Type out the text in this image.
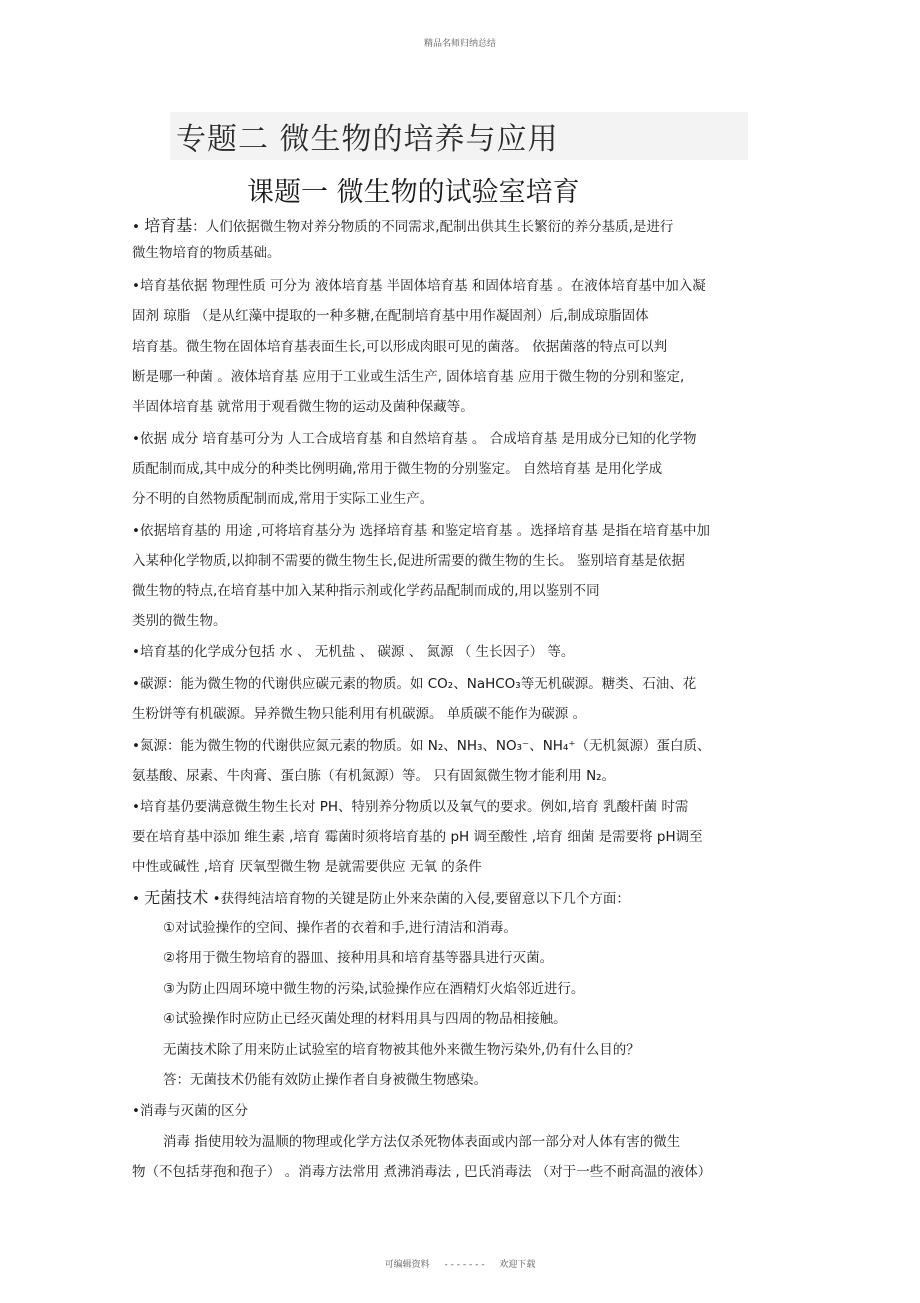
精品名师归纳总结
专题二 微生物的培养与应用
课题一 微生物的试验室培育
• 培育基：人们依据微生物对养分物质的不同需求,配制出供其生长繁衍的养分基质,是进行
微生物培育的物质基础。
•培育基依据 物理性质 可分为 液体培育基 半固体培育基 和固体培育基 。在液体培育基中加入凝
固剂 琼脂 （是从红藻中提取的一种多糖,在配制培育基中用作凝固剂）后,制成琼脂固体
培育基。微生物在固体培育基表面生长,可以形成肉眼可见的菌落。 依据菌落的特点可以判
断是哪一种菌 。液体培育基 应用于工业或生活生产, 固体培育基 应用于微生物的分别和鉴定,
半固体培育基 就常用于观看微生物的运动及菌种保藏等。
•依据 成分 培育基可分为 人工合成培育基 和自然培育基 。 合成培育基 是用成分已知的化学物
质配制而成,其中成分的种类比例明确,常用于微生物的分别鉴定。 自然培育基 是用化学成
分不明的自然物质配制而成,常用于实际工业生产。
•依据培育基的 用途 ,可将培育基分为 选择培育基 和鉴定培育基 。选择培育基 是指在培育基中加
入某种化学物质,以抑制不需要的微生物生长,促进所需要的微生物的生长。 鉴别培育基是依据
微生物的特点,在培育基中加入某种指示剂或化学药品配制而成的,用以鉴别不同
类别的微生物。
•培育基的化学成分包括 水 、 无机盐 、 碳源 、 氮源 （ 生长因子） 等。
•碳源：能为微生物的代谢供应碳元素的物质。如 CO₂、NaHCO₃等无机碳源。糖类、石油、花
生粉饼等有机碳源。异养微生物只能利用有机碳源。 单质碳不能作为碳源 。
•氮源：能为微生物的代谢供应氮元素的物质。如 N₂、NH₃、NO₃⁻、NH₄⁺（无机氮源）蛋白质、
氨基酸、尿素、牛肉膏、蛋白胨（有机氮源）等。 只有固氮微生物才能利用 N₂。
•培育基仍要满意微生物生长对 PH、特别养分物质以及氧气的要求。例如,培育 乳酸杆菌 时需
要在培育基中添加 维生素 ,培育 霉菌时须将培育基的 pH 调至酸性 ,培育 细菌 是需要将 pH调至
中性或碱性 ,培育 厌氧型微生物 是就需要供应 无氧 的条件
• 无菌技术 •获得纯洁培育物的关键是防止外来杂菌的入侵,要留意以下几个方面：
①对试验操作的空间、操作者的衣着和手,进行清洁和消毒。
②将用于微生物培育的器皿、接种用具和培育基等器具进行灭菌。
③为防止四周环境中微生物的污染,试验操作应在酒精灯火焰邻近进行。
④试验操作时应防止已经灭菌处理的材料用具与四周的物品相接触。
无菌技术除了用来防止试验室的培育物被其他外来微生物污染外,仍有什么目的？
答：无菌技术仍能有效防止操作者自身被微生物感染。
•消毒与灭菌的区分
消毒 指使用较为温顺的物理或化学方法仅杀死物体表面或内部一部分对人体有害的微生
物（不包括芽孢和孢子） 。消毒方法常用 煮沸消毒法 , 巴氏消毒法 （对于一些不耐高温的液体）
可编辑资料 - - - - - - - 欢迎下载
